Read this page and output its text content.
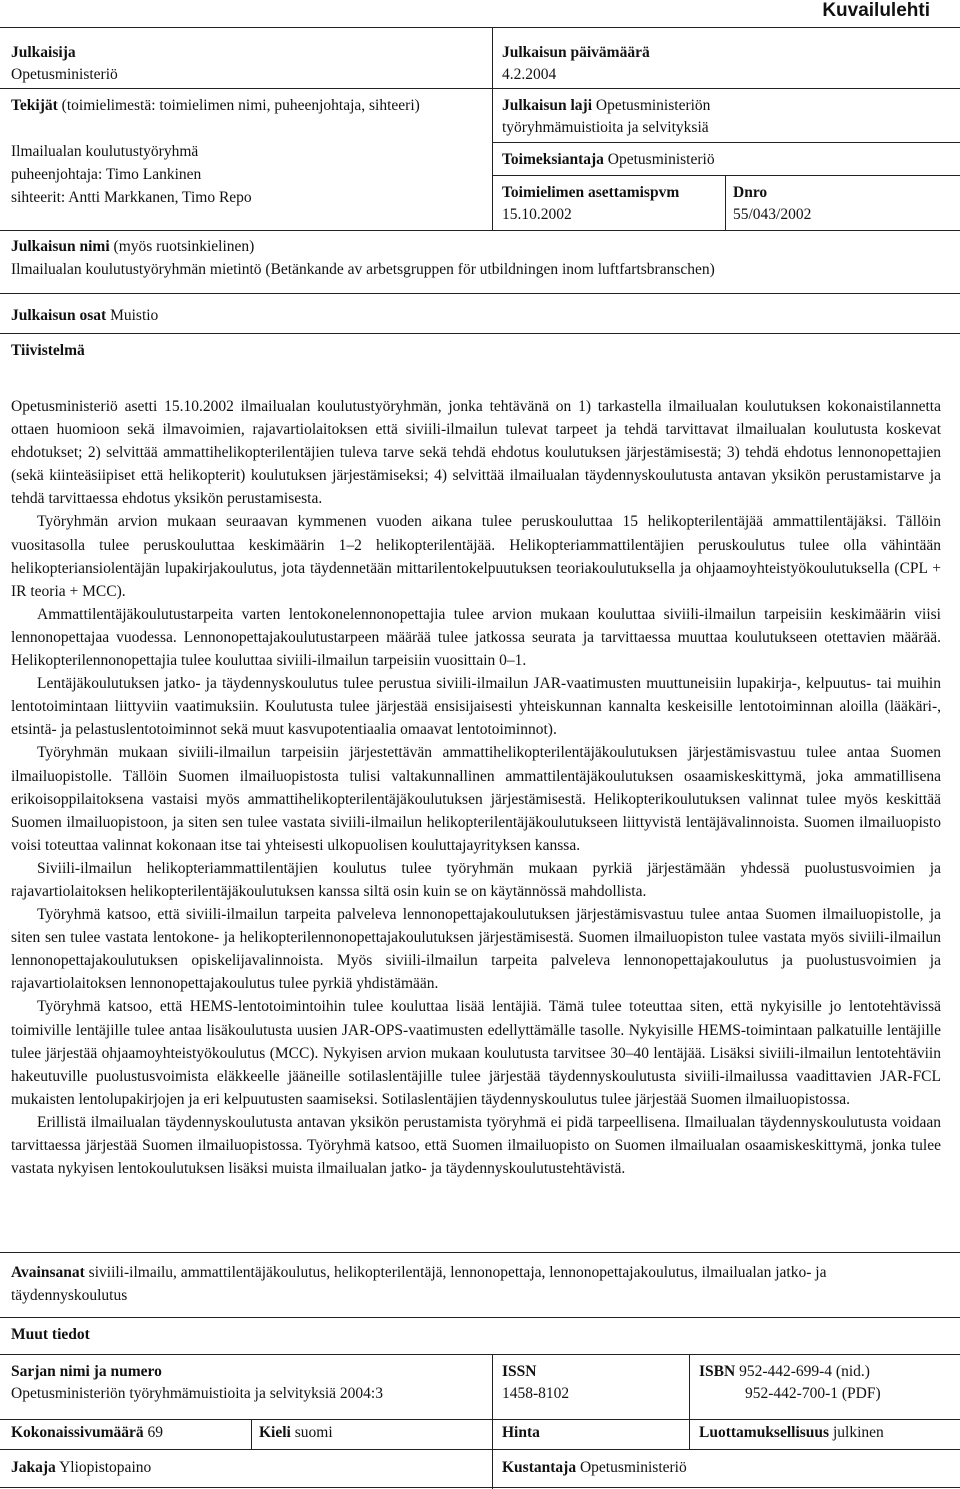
Kuvailulehti
Julkaisija
Opetusministeriö
Julkaisun päivämäärä
4.2.2004
Tekijät (toimielimestä: toimielimen nimi, puheenjohtaja, sihteeri)
Ilmailualan koulutustyöryhmä
puheenjohtaja: Timo Lankinen
sihteerit: Antti Markkanen, Timo Repo
Julkaisun laji Opetusministeriön
työryhmämuistioita ja selvityksiä
Toimeksiantaja Opetusministeriö
Toimielimen asettamispvm
15.10.2002
Dnro
55/043/2002
Julkaisun nimi (myös ruotsinkielinen)
Ilmailualan koulutustyöryhmän mietintö (Betänkande av arbetsgruppen för utbildningen inom luftfartsbranschen)
Julkaisun osat Muistio
Tiivistelmä

Opetusministeriö asetti 15.10.2002 ilmailualan koulutustyöryhmän, jonka tehtävänä on 1) tarkastella ilmailualan koulutuksen kokonaistilannetta ottaen huomioon sekä ilmavoimien, rajavartiolaitoksen että siviili-ilmailun tulevat tarpeet ja tehdä tarvittavat ilmailualan koulutusta koskevat ehdotukset; 2) selvittää ammattihelikopterilentäjien tuleva tarve sekä tehdä ehdotus koulutuksen järjestämisestä; 3) tehdä ehdotus lennonopettajien (sekä kiinteäsiipiset että helikopterit) koulutuksen järjestämiseksi; 4) selvittää ilmailualan täydennyskoulutusta antavan yksikön perustamistarve ja tehdä tarvittaessa ehdotus yksikön perustamisesta.

Työryhmän arvion mukaan seuraavan kymmenen vuoden aikana tulee peruskouluttaa 15 helikopterilentäjää ammattilentäjäksi. Tällöin vuositasolla tulee peruskouluttaa keskimäärin 1–2 helikopterilentäjää. Helikopteriammattilentäjien peruskoulutus tulee olla vähintään helikopteriansiolentäjän lupakirjakoulutus, jota täydennetään mittarilentokelpuutuksen teoriakoulutuksella ja ohjaamoyhteistyökoulutuksella (CPL + IR teoria + MCC).

Ammattilentäjäkoulutustarpeita varten lentokonelennonopettajia tulee arvion mukaan kouluttaa siviili-ilmailun tarpeisiin keskimäärin viisi lennonopettajaa vuodessa. Lennonopettajakoulutustarpeen määrää tulee jatkossa seurata ja tarvittaessa muuttaa koulutukseen otettavien määrää. Helikopterilennonopettajia tulee kouluttaa siviili-ilmailun tarpeisiin vuosittain 0–1.

Lentäjäkoulutuksen jatko- ja täydennyskoulutus tulee perustua siviili-ilmailun JAR-vaatimusten muuttuneisiin lupakirja-, kelpuutus- tai muihin lentotoimintaan liittyviin vaatimuksiin. Koulutusta tulee järjestää ensisijaisesti yhteiskunnan kannalta keskeisille lentotoiminnan aloilla (lääkäri-, etsintä- ja pelastuslentotoiminnot sekä muut kasvupotentiaalia omaavat lentotoiminnot).

Työryhmän mukaan siviili-ilmailun tarpeisiin järjestettävän ammattihelikopterilentäjäkoulutuksen järjestämisvastuu tulee antaa Suomen ilmailuopistolle. Tällöin Suomen ilmailuopistosta tulisi valtakunnallinen ammattilentäjäkoulutuksen osaamiskeskittymä, joka ammatillisena erikoisoppilaitoksena vastaisi myös ammattihelikopterilentäjäkoulutuksen järjestämisestä. Helikopterikoulutuksen valinnat tulee myös keskittää Suomen ilmailuopistoon, ja siten sen tulee vastata siviili-ilmailun helikopterilentäjäkoulutukseen liittyvistä lentäjävalinnoista. Suomen ilmailuopisto voisi toteuttaa valinnat kokonaan itse tai yhteisesti ulkopuolisen kouluttajayrityksen kanssa.

Siviili-ilmailun helikopteriammattilentäjien koulutus tulee työryhmän mukaan pyrkiä järjestämään yhdessä puolustusvoimien ja rajavartiolaitoksen helikopterilentäjäkoulutuksen kanssa siltä osin kuin se on käytännössä mahdollista.

Työryhmä katsoo, että siviili-ilmailun tarpeita palveleva lennonopettajakoulutuksen järjestämisvastuu tulee antaa Suomen ilmailuopistolle, ja siten sen tulee vastata lentokone- ja helikopterilennonopettajakoulutuksen järjestämisestä. Suomen ilmailuopiston tulee vastata myös siviili-ilmailun lennonopettajakoulutuksen opiskelijavalinnoista. Myös siviili-ilmailun tarpeita palveleva lennonopettajakoulutus ja puolustusvoimien ja rajavartiolaitoksen lennonopettajakoulutus tulee pyrkiä yhdistämään.

Työryhmä katsoo, että HEMS-lentotoimintoihin tulee kouluttaa lisää lentäjiä. Tämä tulee toteuttaa siten, että nykyisille jo lentotehtävissä toimiville lentäjille tulee antaa lisäkoulutusta uusien JAR-OPS-vaatimusten edellyttämälle tasolle. Nykyisille HEMS-toimintaan palkatuille lentäjille tulee järjestää ohjaamoyhteistyökoulutus (MCC). Nykyisen arvion mukaan koulutusta tarvitsee 30–40 lentäjää. Lisäksi siviili-ilmailun lentotehtäviin hakeutuville puolustusvoimista eläkkeelle jääneille sotilaslentäjille tulee järjestää täydennyskoulutusta siviili-ilmailussa vaadittavien JAR-FCL mukaisten lentolupakirjojen ja eri kelpuutusten saamiseksi. Sotilaslentäjien täydennyskoulutus tulee järjestää Suomen ilmailuopistossa.

Erillistä ilmailualan täydennyskoulutusta antavan yksikön perustamista työryhmä ei pidä tarpeellisena. Ilmailualan täydennyskoulutusta voidaan tarvittaessa järjestää Suomen ilmailuopistossa. Työryhmä katsoo, että Suomen ilmailuopisto on Suomen ilmailualan osaamiskeskittymä, jonka tulee vastata nykyisen lentokoulutuksen lisäksi muista ilmailualan jatko- ja täydennyskoulutustehtävistä.

Avainsanat siviili-ilmailu, ammattilentäjäkoulutus, helikopterilentäjä, lennonopettaja, lennonopettajakoulutus, ilmailualan jatko- ja
täydennyskoulutus
Muut tiedot
Sarjan nimi ja numero
Opetusministeriön työryhmämuistioita ja selvityksiä 2004:3
ISSN
1458-8102
ISBN 952-442-699-4 (nid.)
952-442-700-1 (PDF)
Kokonaissivumäärä 69	Kieli suomi	Hinta	Luottamuksellisuus julkinen
Jakaja Yliopistopaino	Kustantaja Opetusministeriö
